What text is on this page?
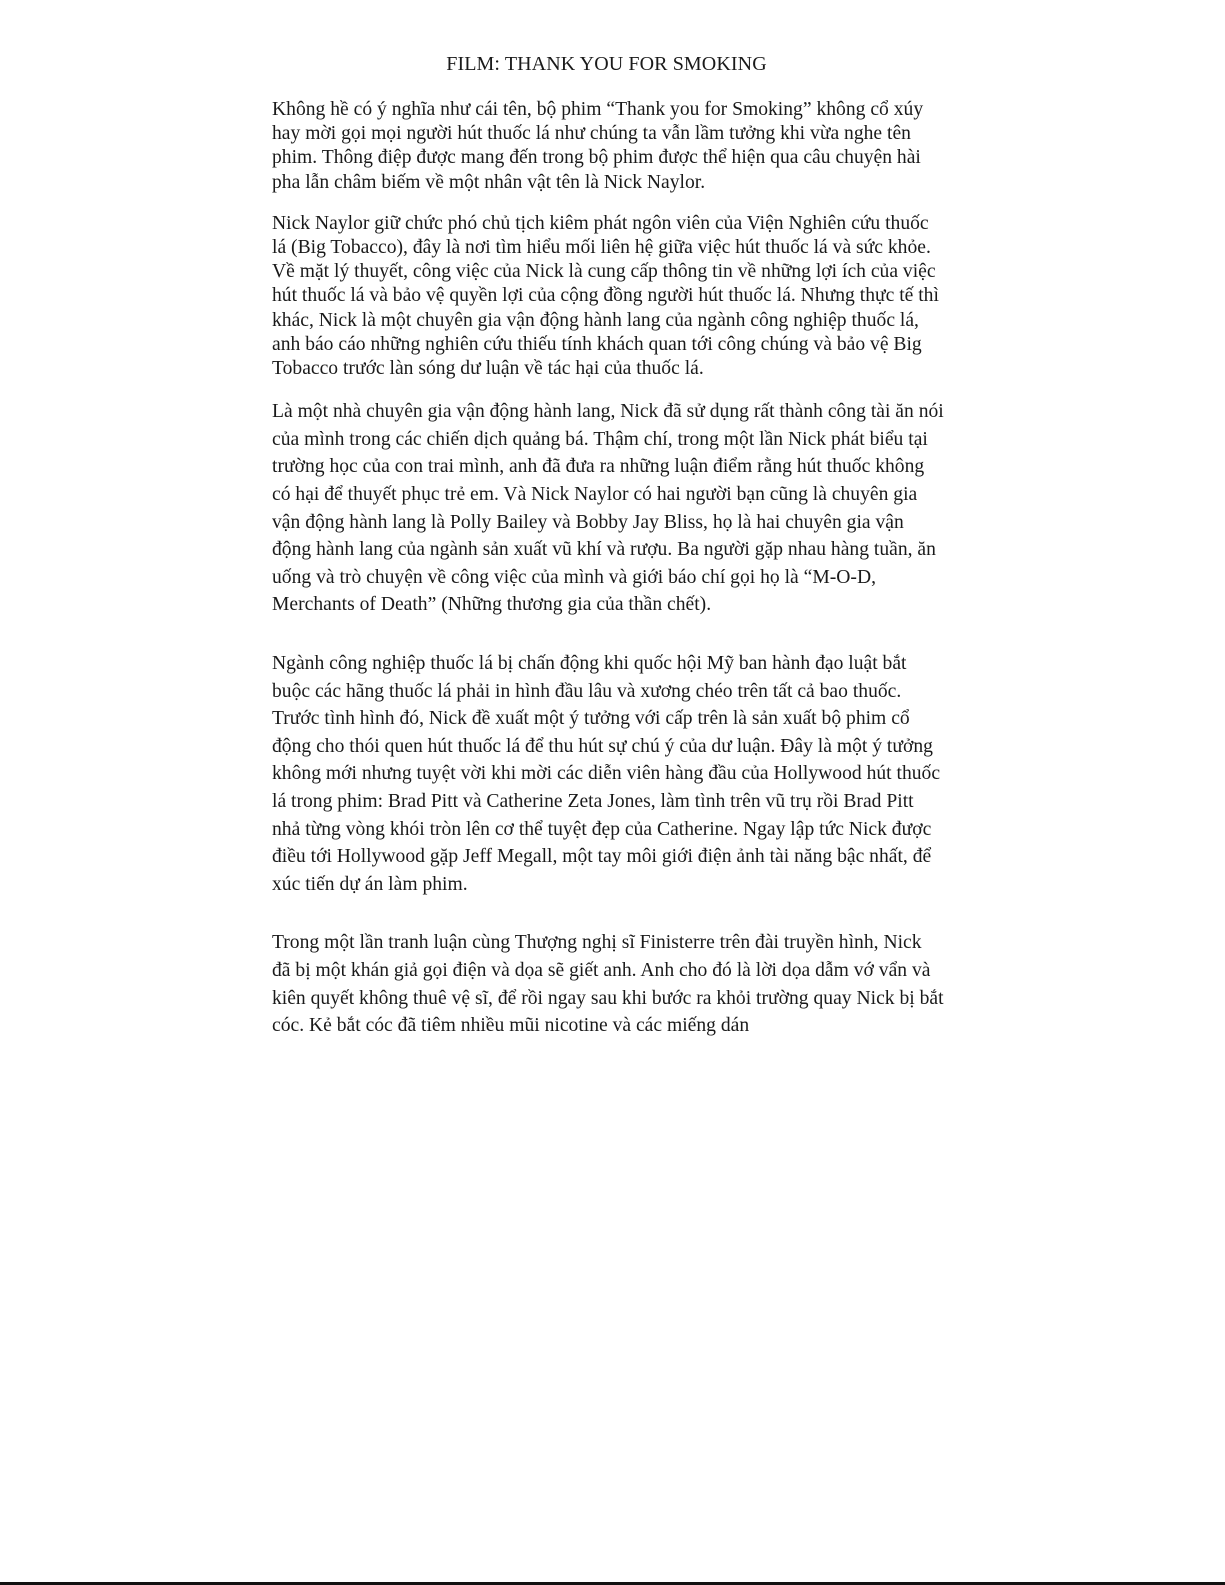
FILM: THANK YOU FOR SMOKING

Không hề có ý nghĩa như cái tên, bộ phim “Thank you for Smoking” không cổ xúy hay mời gọi mọi người hút thuốc lá như chúng ta vẫn lầm tưởng khi vừa nghe tên phim. Thông điệp được mang đến trong bộ phim được thể hiện qua câu chuyện hài pha lẫn châm biếm về một nhân vật tên là Nick Naylor.

Nick Naylor giữ chức phó chủ tịch kiêm phát ngôn viên của Viện Nghiên cứu thuốc lá (Big Tobacco), đây là nơi tìm hiểu mối liên hệ giữa việc hút thuốc lá và sức khỏe. Về mặt lý thuyết, công việc của Nick là cung cấp thông tin về những lợi ích của việc hút thuốc lá và bảo vệ quyền lợi của cộng đồng người hút thuốc lá. Nhưng thực tế thì khác, Nick là một chuyên gia vận động hành lang của ngành công nghiệp thuốc lá, anh báo cáo những nghiên cứu thiếu tính khách quan tới công chúng và bảo vệ Big Tobacco trước làn sóng dư luận về tác hại của thuốc lá.

Là một nhà chuyên gia vận động hành lang, Nick đã sử dụng rất thành công tài ăn nói của mình trong các chiến dịch quảng bá. Thậm chí, trong một lần Nick phát biểu tại trường học của con trai mình, anh đã đưa ra những luận điểm rằng hút thuốc không có hại để thuyết phục trẻ em. Và Nick Naylor có hai người bạn cũng là chuyên gia vận động hành lang là Polly Bailey và Bobby Jay Bliss, họ là hai chuyên gia vận động hành lang của ngành sản xuất vũ khí và rượu. Ba người gặp nhau hàng tuần, ăn uống và trò chuyện về công việc của mình và giới báo chí gọi họ là “M-O-D, Merchants of Death” (Những thương gia của thần chết).

Ngành công nghiệp thuốc lá bị chấn động khi quốc hội Mỹ ban hành đạo luật bắt buộc các hãng thuốc lá phải in hình đầu lâu và xương chéo trên tất cả bao thuốc. Trước tình hình đó, Nick đề xuất một ý tưởng với cấp trên là sản xuất bộ phim cổ động cho thói quen hút thuốc lá để thu hút sự chú ý của dư luận. Đây là một ý tưởng không mới nhưng tuyệt vời khi mời các diễn viên hàng đầu của Hollywood hút thuốc lá trong phim: Brad Pitt và Catherine Zeta Jones, làm tình trên vũ trụ rồi Brad Pitt nhả từng vòng khói tròn lên cơ thể tuyệt đẹp của Catherine. Ngay lập tức Nick được điều tới Hollywood gặp Jeff Megall, một tay môi giới điện ảnh tài năng bậc nhất, để xúc tiến dự án làm phim.

Trong một lần tranh luận cùng Thượng nghị sĩ Finisterre trên đài truyền hình, Nick đã bị một khán giả gọi điện và dọa sẽ giết anh. Anh cho đó là lời dọa dẫm vớ vẩn và kiên quyết không thuê vệ sĩ, để rồi ngay sau khi bước ra khỏi trường quay Nick bị bắt cóc. Kẻ bắt cóc đã tiêm nhiều mũi nicotine và các miếng dán
